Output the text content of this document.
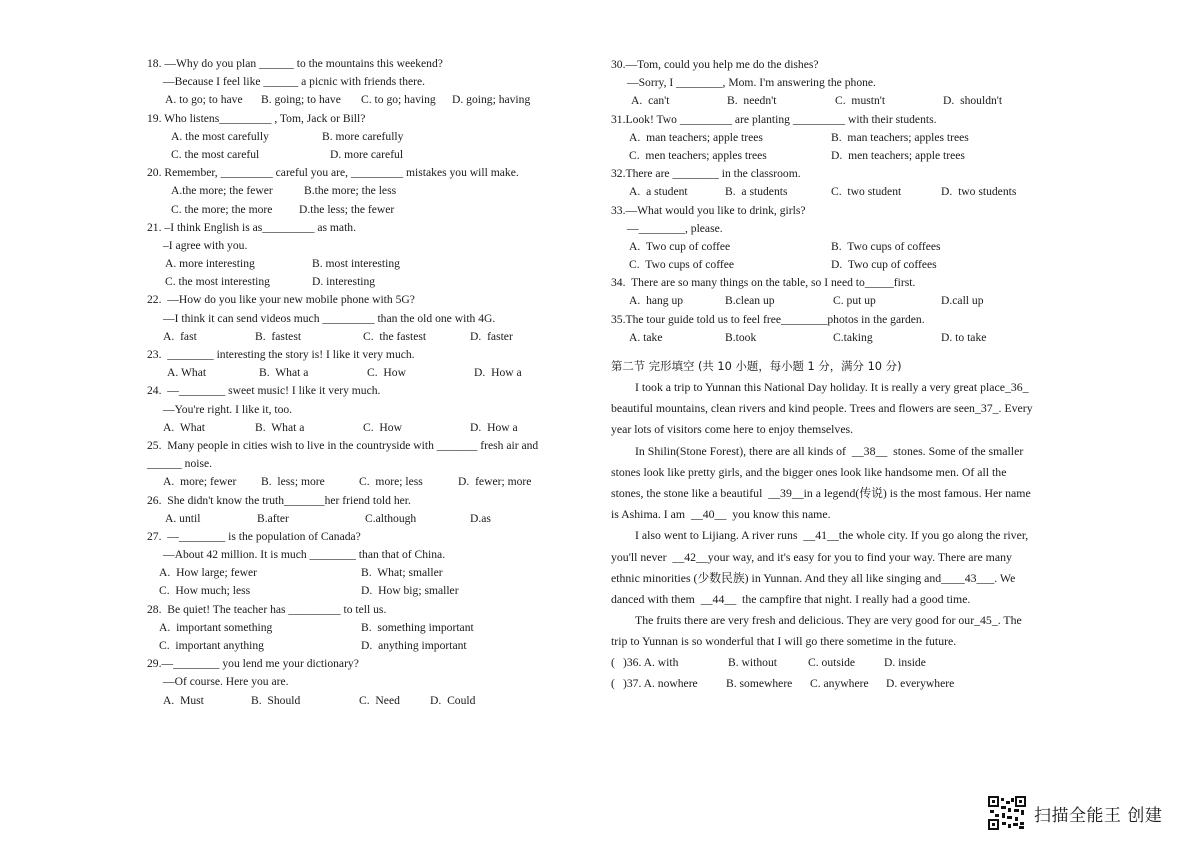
18. —Why do you plan ______ to the mountains this weekend?
—Because I feel like ______ a picnic with friends there.
A. to go; to have	B. going; to have	C. to go; having	D. going; having
19. Who listens_________ , Tom, Jack or Bill?
A. the most carefully	B. more carefully
C. the most careful	D. more careful
20. Remember, _________ careful you are, _________ mistakes you will make.
A.the more; the fewer	B.the more; the less
C. the more; the more	D.the less; the fewer
21. –I think English is as_________ as math.
–I agree with you.
A. more interesting	B. most interesting
C. the most interesting	D. interesting
22.  —How do you like your new mobile phone with 5G?
—I think it can send videos much _________ than the old one with 4G.
A.  fast	B.  fastest	C.  the fastest	D.  faster
23.  ________ interesting the story is! I like it very much.
A. What	B.  What a	C.  How	D.  How a
24.  —________ sweet music! I like it very much.
—You're right. I like it, too.
A.  What	B.  What a	C.  How	D.  How a
25.  Many people in cities wish to live in the countryside with _______ fresh air and
______ noise.
A.  more; fewer	B.  less; more	C.  more; less	D.  fewer; more
26.  She didn't know the truth_______her friend told her.
A. until	B.after	C.although	D.as
27.  —________ is the population of Canada?
—About 42 million. It is much ________ than that of China.
A.  How large; fewer	B.  What; smaller
C.  How much; less	D.  How big; smaller
28.  Be quiet! The teacher has _________ to tell us.
A.  important something	B.  something important
C.  important anything	D.  anything important
29.—________ you lend me your dictionary?
—Of course. Here you are.
A.  Must	B.  Should	C.  Need	D.  Could
30.—Tom, could you help me do the dishes?
—Sorry, I ________, Mom. I'm answering the phone.
A.  can't	B.  needn't	C.  mustn't	D.  shouldn't
31.Look! Two _________ are planting _________ with their students.
A.  man teachers; apple trees	B.  man teachers; apples trees
C.  men teachers; apples trees	D.  men teachers; apple trees
32.There are ________ in the classroom.
A.  a student	B.  a students	C.  two student	D.  two students
33.—What would you like to drink, girls?
—________, please.
A.  Two cup of coffee	B.  Two cups of coffees
C.  Two cups of coffee	D.  Two cup of coffees
34.  There are so many things on the table, so I need to_____first.
A.  hang up	B.clean up	C. put up	D.call up
35.The tour guide told us to feel free________photos in the garden.
A. take	B.took	C.taking	D. to take
第二节 完形填空 (共 10 小题，每小题 1 分，满分 10 分)
I took a trip to Yunnan this National Day holiday. It is really a very great place_36_
beautiful mountains, clean rivers and kind people. Trees and flowers are seen_37_. Every
year lots of visitors come here to enjoy themselves.
In Shilin(Stone Forest), there are all kinds of  __38__  stones. Some of the smaller
stones look like pretty girls, and the bigger ones look like handsome men. Of all the
stones, the stone like a beautiful  __39__in a legend(传说) is the most famous. Her name
is Ashima. I am  __40__  you know this name.
I also went to Lijiang. A river runs  __41__the whole city. If you go along the river,
you'll never  __42__your way, and it's easy for you to find your way. There are many
ethnic minorities (少数民族) in Yunnan. And they all like singing and____43___. We
danced with them  __44__  the campfire that night. I really had a good time.
The fruits there are very fresh and delicious. They are very good for our_45_. The
trip to Yunnan is so wonderful that I will go there sometime in the future.
( )36. A. with	B. without	C. outside	D. inside
( )37. A. nowhere	B. somewhere	C. anywhere	D. everywhere
扫描全能王 创建
